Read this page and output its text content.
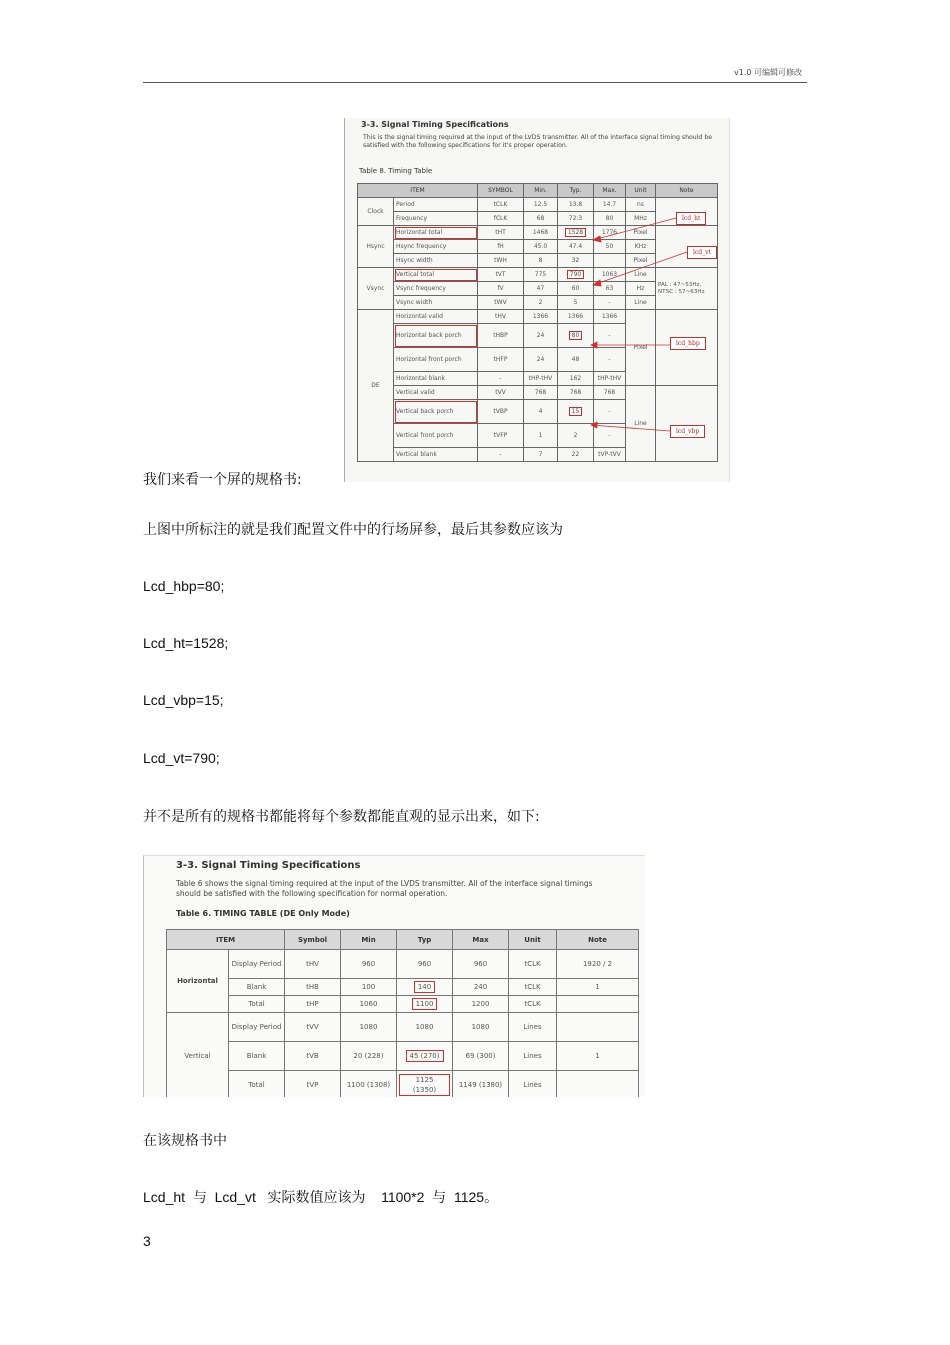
v1.0 可编辑可修改
3-3. Signal Timing Specifications
This is the signal timing required at the input of the LVDS transmitter. All of the interface signal timing should be satisfied with the following specifications for it's proper operation.
Table 8. Timing Table
ITEM		SYMBOL	Min.	Typ.	Max.	Unit	Note
Clock	Period	tCLK	12.5	13.8	14.7	ns	
	Frequency	fCLK	68	72.3	80	MHz	
Hsync	Horizontal total	tHT	1468	1528	1776	Pixel	
	Hsync frequency	fH	45.0	47.4	50	KHz	
	Hsync width	tWH	8	32		Pixel	
Vsync	Vertical total	tVT	775	790	1063	Line	PAL : 47~53Hz, NTSC : 57~63Hz
	Vsync frequency	fV	47	60	63	Hz	
	Vsync width	tWV	2	5	-	Line	
DE	Horizontal valid	tHV	1366	1366	1366	Pixel	
	Horizontal back porch	tHBP	24	80	-		
	Horizontal front porch	tHFP	24	48	-		
	Horizontal blank	-	tHP-tHV	162	tHP-tHV		
	Vertical valid	tVV	768	768	768	Line	
	Vertical back porch	tVBP	4	15	-		
	Vertical front porch	tVFP	1	2	-		
	Vertical blank	-	7	22	tVP-tVV		
lcd_ht
lcd_vt
lcd_hbp
lcd_vbp
我们来看一个屏的规格书:
上图中所标注的就是我们配置文件中的行场屏参，最后其参数应该为
Lcd_hbp=80;
Lcd_ht=1528;
Lcd_vbp=15;
Lcd_vt=790;
并不是所有的规格书都能将每个参数都能直观的显示出来，如下:
3-3. Signal Timing Specifications
Table 6 shows the signal timing required at the input of the LVDS transmitter. All of the interface signal timings should be satisfied with the following specification for normal operation.
Table 6. TIMING TABLE (DE Only Mode)
ITEM		Symbol	Min	Typ	Max	Unit	Note
Horizontal	Display Period	tHV	960	960	960	tCLK	1920 / 2
	Blank	tHB	100	140	240	tCLK	1
	Total	tHP	1060	1100	1200	tCLK	
Vertical	Display Period	tVV	1080	1080	1080	Lines	
	Blank	tVB	20 (228)	45 (270)	69 (300)	Lines	1
	Total	tVP	1100 (1308)	1125 (1350)	1149 (1380)	Lines	
在该规格书中
Lcd_ht  与  Lcd_vt   实际数值应该为    1100*2  与  1125。
3
